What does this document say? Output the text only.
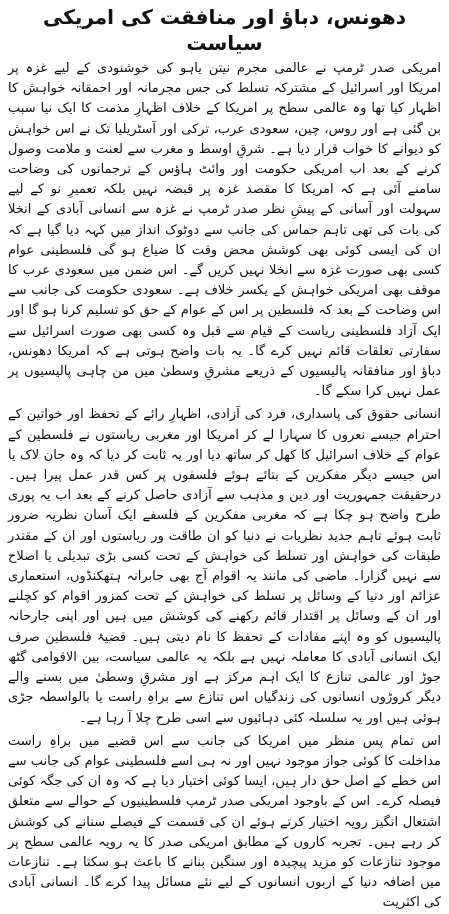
دھونس، دباؤ اور منافقت کی امریکی سیاست

امریکی صدر ٹرمپ نے عالمی مجرم نیتن یاہو کی خوشنودی کے لیے غزہ پر امریکا اور اسرائیل کے مشترکہ تسلط کی جس مجرمانہ اور احمقانہ خواہش کا اظہار کیا تھا وہ عالمی سطح پر امریکا کے خلاف اظہارِ مذمت کا ایک نیا سبب بن گئی ہے اور روس، چین، سعودی عرب، ترکی اور آسٹریلیا تک نے اس خواہش کو دیوانے کا خواب قرار دیا ہے۔ شرقِ اوسط و مغرب سے لعنت و ملامت وصول کرنے کے بعد اب امریکی حکومت اور وائٹ ہاؤس کے ترجمانوں کی وضاحت سامنے آئی ہے کہ امریکا کا مقصد غزہ پر قبضہ نہیں بلکہ تعمیرِ نو کے لیے سہولت اور آسانی کے پیشِ نظر صدر ٹرمپ نے غزہ سے انسانی آبادی کے انخلا کی بات کی تھی تاہم حماس کی جانب سے دوٹوک انداز میں کہہ دیا گیا ہے کہ ان کی ایسی کوئی بھی کوشش محض وقت کا ضیاع ہو گی فلسطینی عوام کسی بھی صورت غزہ سے انخلا نہیں کریں گے۔ اس ضمن میں سعودی عرب کا موقف بھی امریکی خواہش کے یکسر خلاف ہے۔ سعودی حکومت کی جانب سے اس وضاحت کے بعد کہ فلسطین پر اس کے عوام کے حق کو تسلیم کرنا ہو گا اور ایک آزاد فلسطینی ریاست کے قیام سے قبل وہ کسی بھی صورت اسرائیل سے سفارتی تعلقات قائم نہیں کرے گا۔ یہ بات واضح ہوتی ہے کہ امریکا دھونس، دباؤ اور منافقانہ پالیسیوں کے ذریعے مشرقِ وسطیٰ میں من چاہی پالیسیوں پر عمل نہیں کرا سکے گا۔

انسانی حقوق کی پاسداری، فرد کی آزادی، اظہارِ رائے کے تحفظ اور خواتین کے احترام جیسے نعروں کا سہارا لے کر امریکا اور مغربی ریاستوں نے فلسطین کے عوام کے خلاف اسرائیل کا کھل کر ساتھ دیا اور یہ ثابت کر دیا کہ وہ جان لاک یا اس جیسے دیگر مفکرین کے بتائے ہوئے فلسفوں پر کس قدر عمل پیرا ہیں۔ درحقیقت جمہوریت اور دین و مذہب سے آزادی حاصل کرنے کے بعد اب یہ پوری طرح واضح ہو چکا ہے کہ مغربی مفکرین کے فلسفے ایک آسان نظریہ ضرور ثابت ہوئے تاہم جدید نظریات نے دنیا کو ان طاقت ور ریاستوں اور ان کے مقتدر طبقات کی خواہش اور تسلط کی خواہش کے تحت کسی بڑی تبدیلی یا اصلاح سے نہیں گزارا۔ ماضی کی مانند یہ اقوام آج بھی جابرانہ ہتھکنڈوں، استعماری عزائم اور دنیا کے وسائل پر تسلط کی خواہش کے تحت کمزور اقوام کو کچلنے اور ان کے وسائل پر اقتدار قائم رکھنے کی کوشش میں ہیں اور اپنی جارحانہ پالیسیوں کو وہ اپنے مفادات کے تحفظ کا نام دیتی ہیں۔ قضیۂ فلسطین صرف ایک انسانی آبادی کا معاملہ نہیں ہے بلکہ یہ عالمی سیاست، بین الاقوامی گٹھ جوڑ اور عالمی تنازع کا ایک اہم مرکز ہے اور مشرقِ وسطیٰ میں بسنے والے دیگر کروڑوں انسانوں کی زندگیاں اس تنازع سے براہِ راست یا بالواسطہ جڑی ہوئی ہیں اور یہ سلسلہ کئی دہائیوں سے اسی طرح چلا آ رہا ہے۔

اس تمام پس منظر میں امریکا کی جانب سے اس قضیے میں براہِ راست مداخلت کا کوئی جواز موجود نہیں اور نہ ہی اسے فلسطینی عوام کی جانب سے اس خطے کے اصل حق دار ہیں، ایسا کوئی اختیار دیا ہے کہ وہ ان کی جگہ کوئی فیصلہ کرے۔ اس کے باوجود امریکی صدر ٹرمپ فلسطینیوں کے حوالے سے متعلق اشتعال انگیز رویہ اختیار کرتے ہوئے ان کی قسمت کے فیصلے سنانے کی کوشش کر رہے ہیں۔ تجربہ کاروں کے مطابق امریکی صدر کا یہ رویہ عالمی سطح پر موجود تنازعات کو مزید پیچیدہ اور سنگین بنانے کا باعث ہو سکتا ہے۔ تنازعات میں اضافہ دنیا کے اربوں انسانوں کے لیے نئے مسائل پیدا کرے گا۔ انسانی آبادی کی اکثریت
